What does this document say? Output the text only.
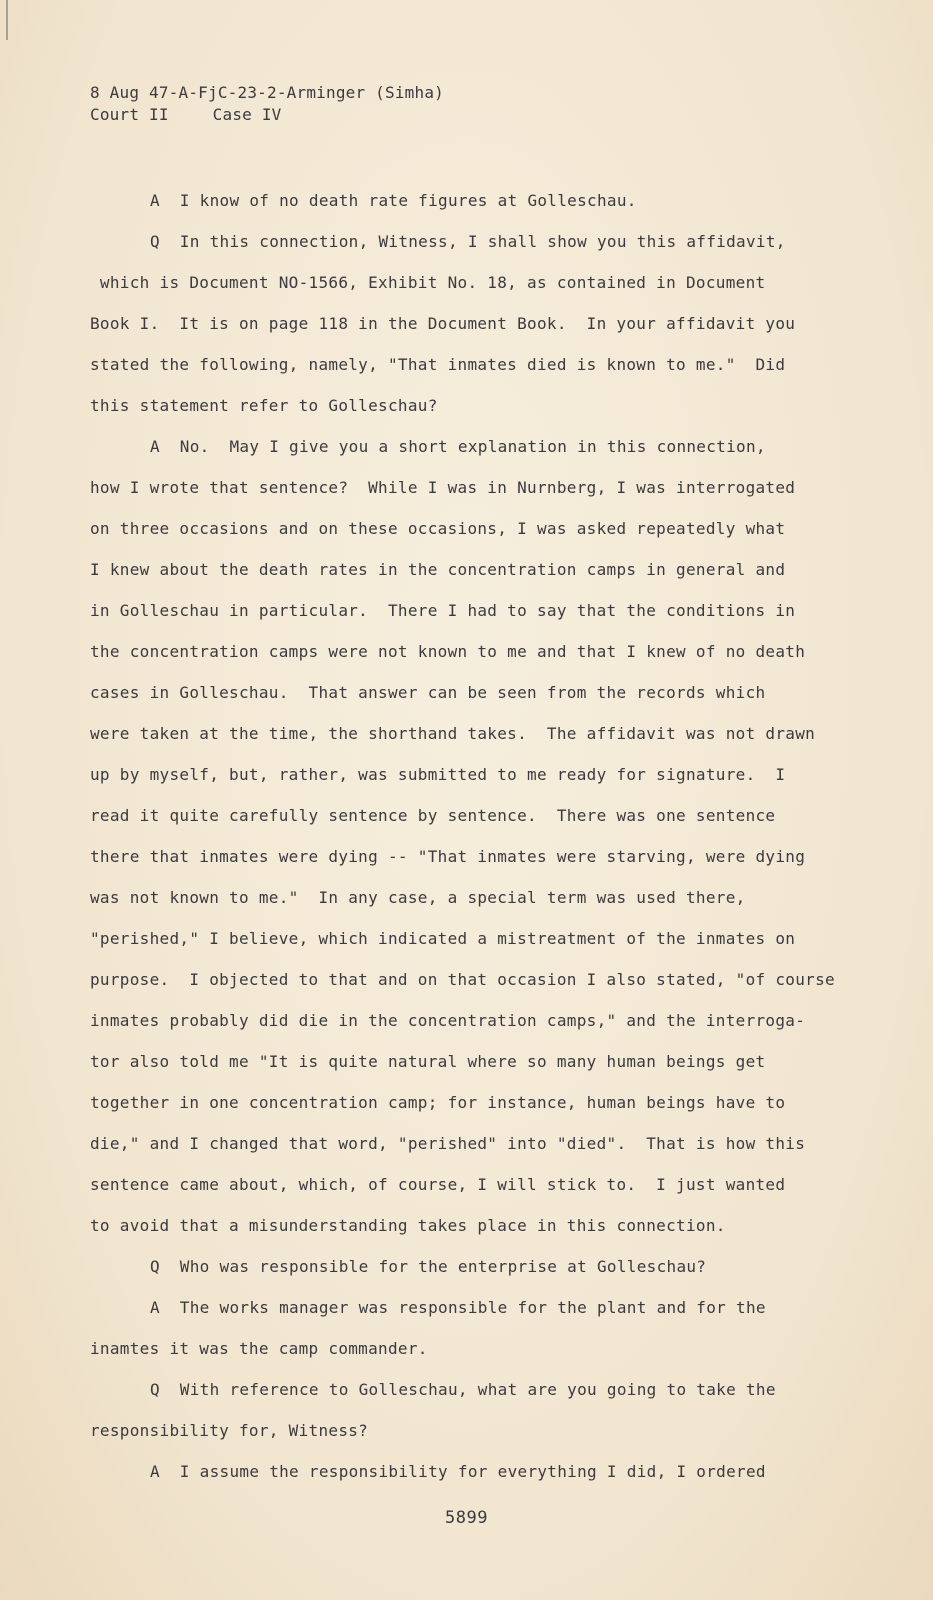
8 Aug 47-A-FjC-23-2-Arminger (Simha)
Court II	Case IV
A  I know of no death rate figures at Golleschau.
Q  In this connection, Witness, I shall show you this affidavit,
which is Document NO-1566, Exhibit No. 18, as contained in Document
Book I.  It is on page 118 in the Document Book.  In your affidavit you
stated the following, namely, "That inmates died is known to me."  Did
this statement refer to Golleschau?
A  No.  May I give you a short explanation in this connection,
how I wrote that sentence?  While I was in Nurnberg, I was interrogated
on three occasions and on these occasions, I was asked repeatedly what
I knew about the death rates in the concentration camps in general and
in Golleschau in particular.  There I had to say that the conditions in
the concentration camps were not known to me and that I knew of no death
cases in Golleschau.  That answer can be seen from the records which
were taken at the time, the shorthand takes.  The affidavit was not drawn
up by myself, but, rather, was submitted to me ready for signature.  I
read it quite carefully sentence by sentence.  There was one sentence
there that inmates were dying -- "That inmates were starving, were dying
was not known to me."  In any case, a special term was used there,
"perished," I believe, which indicated a mistreatment of the inmates on
purpose.  I objected to that and on that occasion I also stated, "of course
inmates probably did die in the concentration camps," and the interroga-
tor also told me "It is quite natural where so many human beings get
together in one concentration camp; for instance, human beings have to
die," and I changed that word, "perished" into "died".  That is how this
sentence came about, which, of course, I will stick to.  I just wanted
to avoid that a misunderstanding takes place in this connection.
Q  Who was responsible for the enterprise at Golleschau?
A  The works manager was responsible for the plant and for the
inamtes it was the camp commander.
Q  With reference to Golleschau, what are you going to take the
responsibility for, Witness?
A  I assume the responsibility for everything I did, I ordered
5899
